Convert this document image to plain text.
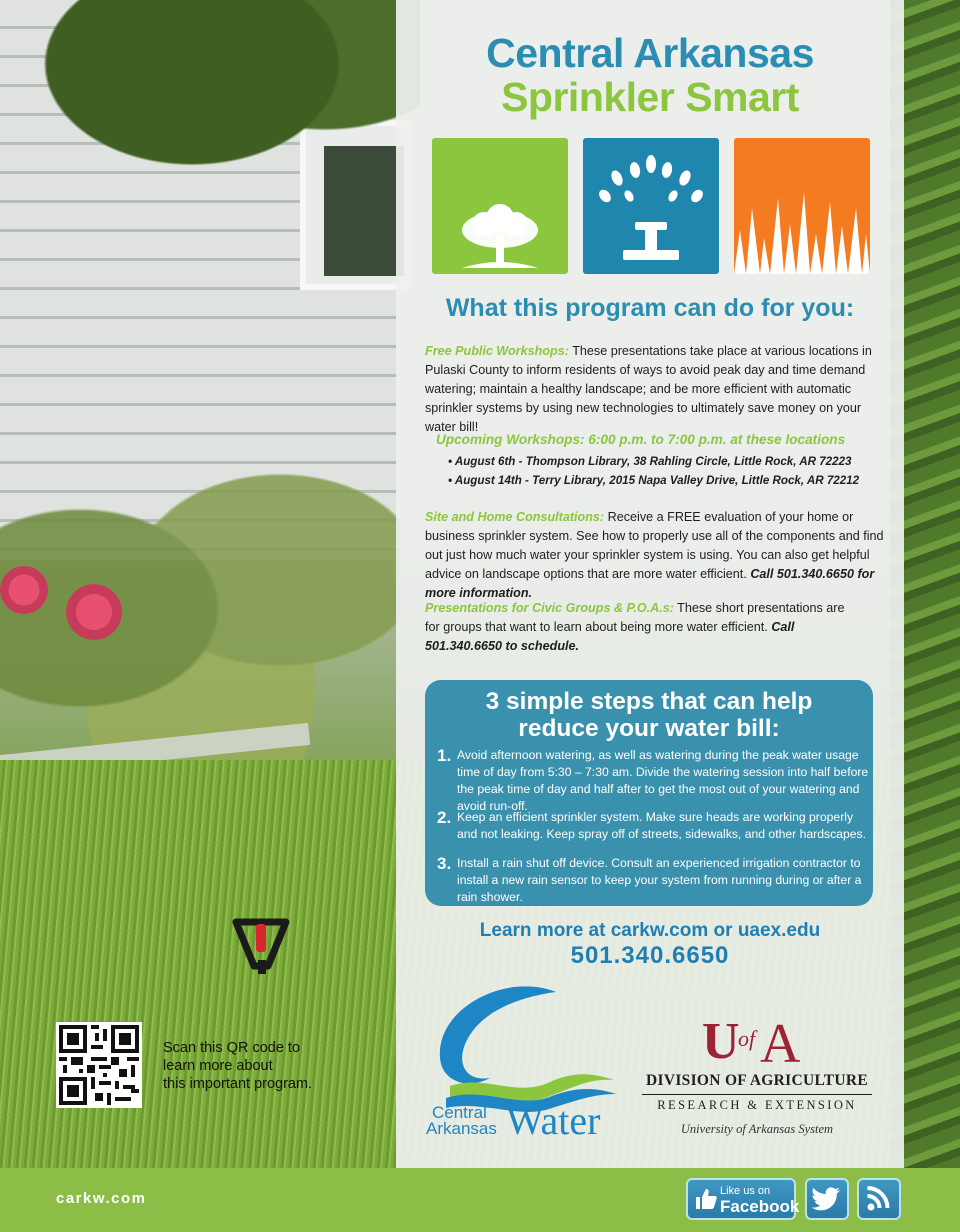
Central Arkansas
Sprinkler Smart
What this program can do for you:

Free Public Workshops: These presentations take place at various locations in Pulaski County to inform residents of ways to avoid peak day and time demand watering; maintain a healthy landscape; and be more efficient with automatic sprinkler systems by using new technologies to ultimately save money on your water bill!

Upcoming Workshops: 6:00 p.m. to 7:00 p.m. at these locations
• August 6th - Thompson Library, 38 Rahling Circle, Little Rock, AR 72223
• August 14th - Terry Library, 2015 Napa Valley Drive, Little Rock, AR 72212

Site and Home Consultations: Receive a FREE evaluation of your home or business sprinkler system. See how to properly use all of the components and find out just how much water your sprinkler system is using. You can also get helpful advice on landscape options that are more water efficient. Call 501.340.6650 for more information.

Presentations for Civic Groups & P.O.A.s: These short presentations are for groups that want to learn about being more water efficient. Call 501.340.6650 to schedule.

3 simple steps that can help
reduce your water bill:
1. Avoid afternoon watering, as well as watering during the peak water usage time of day from 5:30 – 7:30 am. Divide the watering session into half before the peak time of day and half after to get the most out of your watering and avoid run-off.
2. Keep an efficient sprinkler system. Make sure heads are working properly and not leaking. Keep spray off of streets, sidewalks, and other hardscapes.
3. Install a rain shut off device. Consult an experienced irrigation contractor to install a new rain sensor to keep your system from running during or after a rain shower.
Learn more at carkw.com or uaex.edu
501.340.6650
Central
Arkansas Water
U
of A
DIVISION OF AGRICULTURE
RESEARCH & EXTENSION
University of Arkansas System
Scan this QR code to
learn more about
this important program.
carkw.com	Like us on
Facebook
